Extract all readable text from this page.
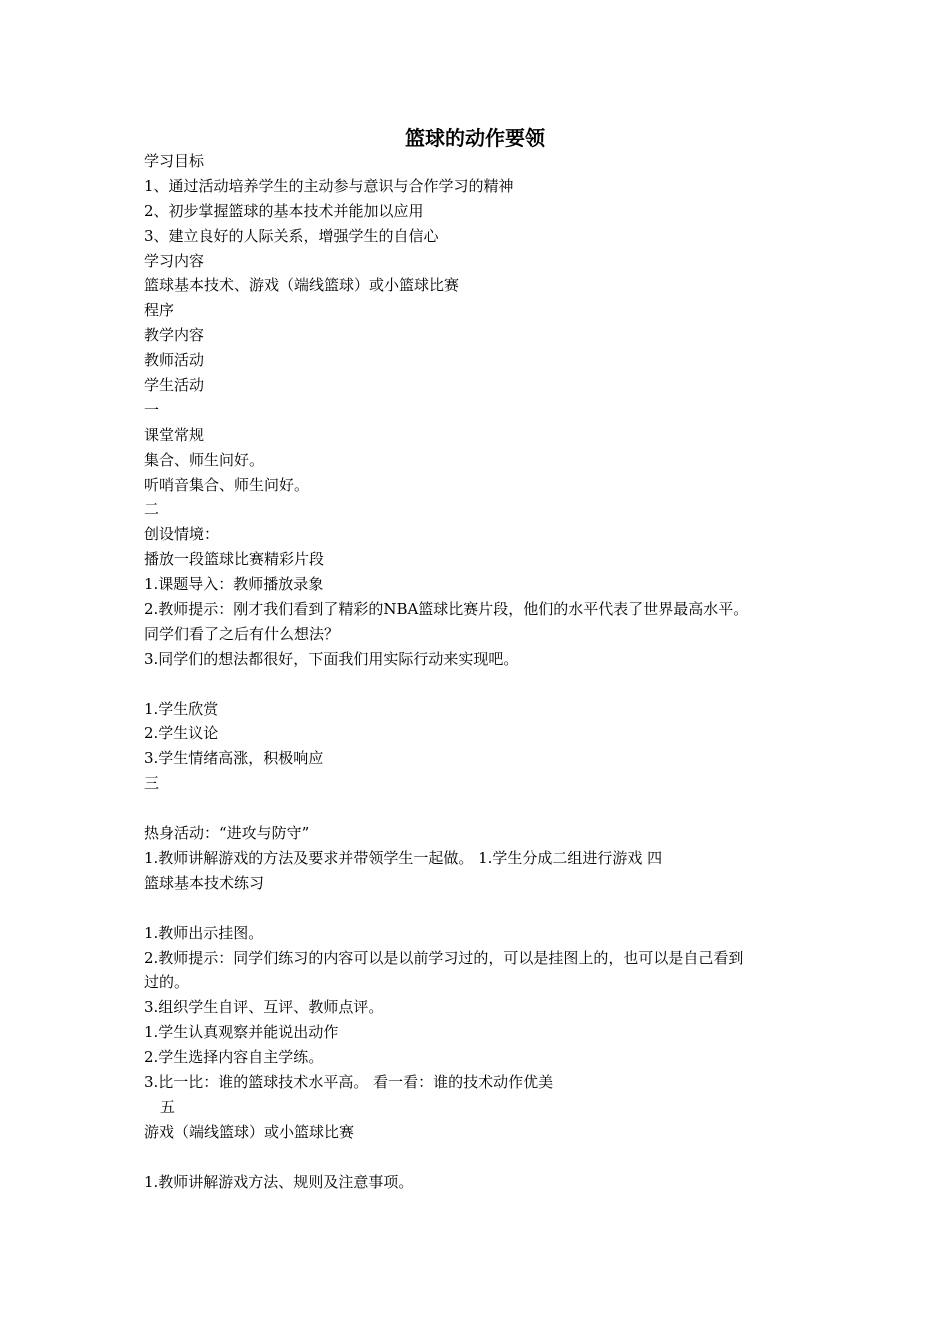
篮球的动作要领

学习目标

1、通过活动培养学生的主动参与意识与合作学习的精神

2、初步掌握篮球的基本技术并能加以应用

3、建立良好的人际关系，增强学生的自信心

学习内容

篮球基本技术、游戏（端线篮球）或小篮球比赛

程序

教学内容

教师活动

学生活动

一

课堂常规

集合、师生问好。

听哨音集合、师生问好。

二

创设情境：

播放一段篮球比赛精彩片段

1.课题导入：教师播放录象

2.教师提示：刚才我们看到了精彩的NBA篮球比赛片段，他们的水平代表了世界最高水平。

同学们看了之后有什么想法？

3.同学们的想法都很好，下面我们用实际行动来实现吧。

1.学生欣赏

2.学生议论

3.学生情绪高涨，积极响应

三

热身活动：“进攻与防守”

1.教师讲解游戏的方法及要求并带领学生一起做。 1.学生分成二组进行游戏 四

篮球基本技术练习

1.教师出示挂图。

2.教师提示：同学们练习的内容可以是以前学习过的，可以是挂图上的，也可以是自己看到

过的。

3.组织学生自评、互评、教师点评。

1.学生认真观察并能说出动作

2.学生选择内容自主学练。

3.比一比：谁的篮球技术水平高。 看一看：谁的技术动作优美

五

游戏（端线篮球）或小篮球比赛

1.教师讲解游戏方法、规则及注意事项。
